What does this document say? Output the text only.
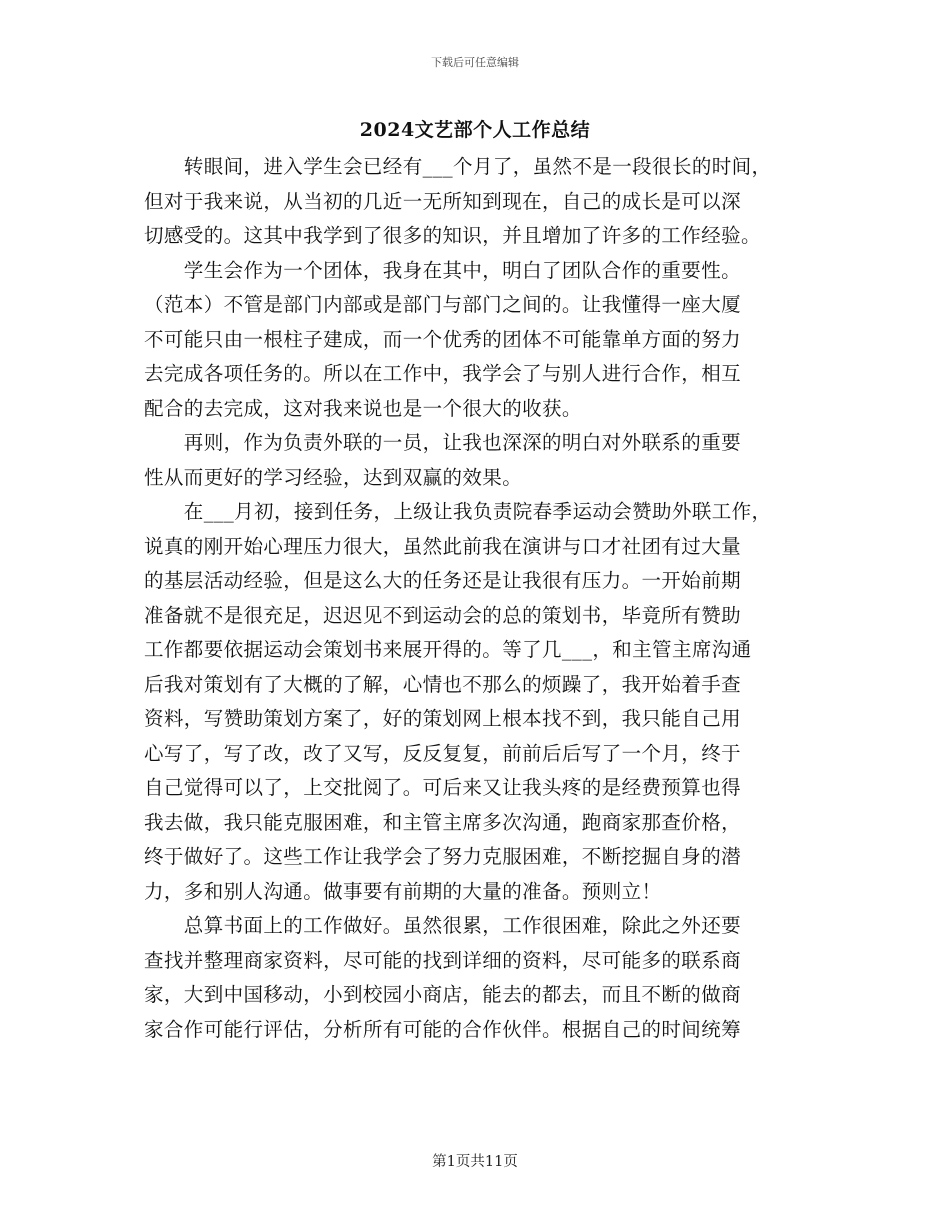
下载后可任意编辑
2024文艺部个人工作总结
　　转眼间，进入学生会已经有___个月了，虽然不是一段很长的时间，
但对于我来说，从当初的几近一无所知到现在，自己的成长是可以深
切感受的。这其中我学到了很多的知识，并且增加了许多的工作经验。
　　学生会作为一个团体，我身在其中，明白了团队合作的重要性。
（范本）不管是部门内部或是部门与部门之间的。让我懂得一座大厦
不可能只由一根柱子建成，而一个优秀的团体不可能靠单方面的努力
去完成各项任务的。所以在工作中，我学会了与别人进行合作，相互
配合的去完成，这对我来说也是一个很大的收获。
　　再则，作为负责外联的一员，让我也深深的明白对外联系的重要
性从而更好的学习经验，达到双赢的效果。
　　在___月初，接到任务，上级让我负责院春季运动会赞助外联工作，
说真的刚开始心理压力很大，虽然此前我在演讲与口才社团有过大量
的基层活动经验，但是这么大的任务还是让我很有压力。一开始前期
准备就不是很充足，迟迟见不到运动会的总的策划书，毕竟所有赞助
工作都要依据运动会策划书来展开得的。等了几___，和主管主席沟通
后我对策划有了大概的了解，心情也不那么的烦躁了，我开始着手查
资料，写赞助策划方案了，好的策划网上根本找不到，我只能自己用
心写了，写了改，改了又写，反反复复，前前后后写了一个月，终于
自己觉得可以了，上交批阅了。可后来又让我头疼的是经费预算也得
我去做，我只能克服困难，和主管主席多次沟通，跑商家那查价格，
终于做好了。这些工作让我学会了努力克服困难，不断挖掘自身的潜
力，多和别人沟通。做事要有前期的大量的准备。预则立！
　　总算书面上的工作做好。虽然很累，工作很困难，除此之外还要
查找并整理商家资料，尽可能的找到详细的资料，尽可能多的联系商
家，大到中国移动，小到校园小商店，能去的都去，而且不断的做商
家合作可能行评估，分析所有可能的合作伙伴。根据自己的时间统筹
第1页共11页
